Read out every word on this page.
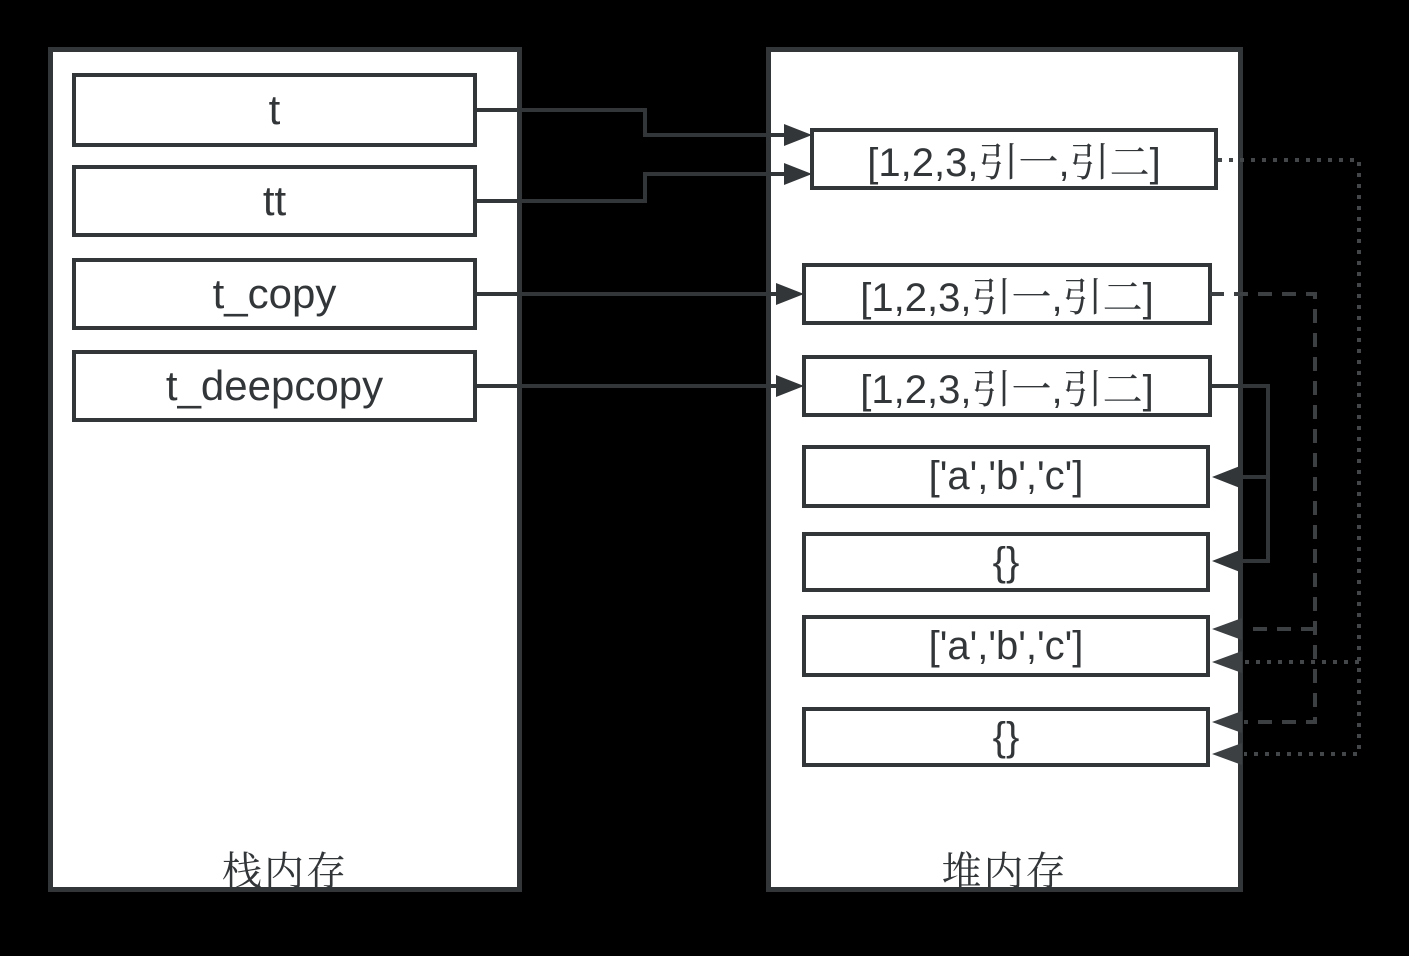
t
tt
t_copy
t_deepcopy
[1,2,3,引一,引二]
[1,2,3,引一,引二]
[1,2,3,引一,引二]
['a','b','c']
{}
['a','b','c']
{}
栈内存	堆内存
